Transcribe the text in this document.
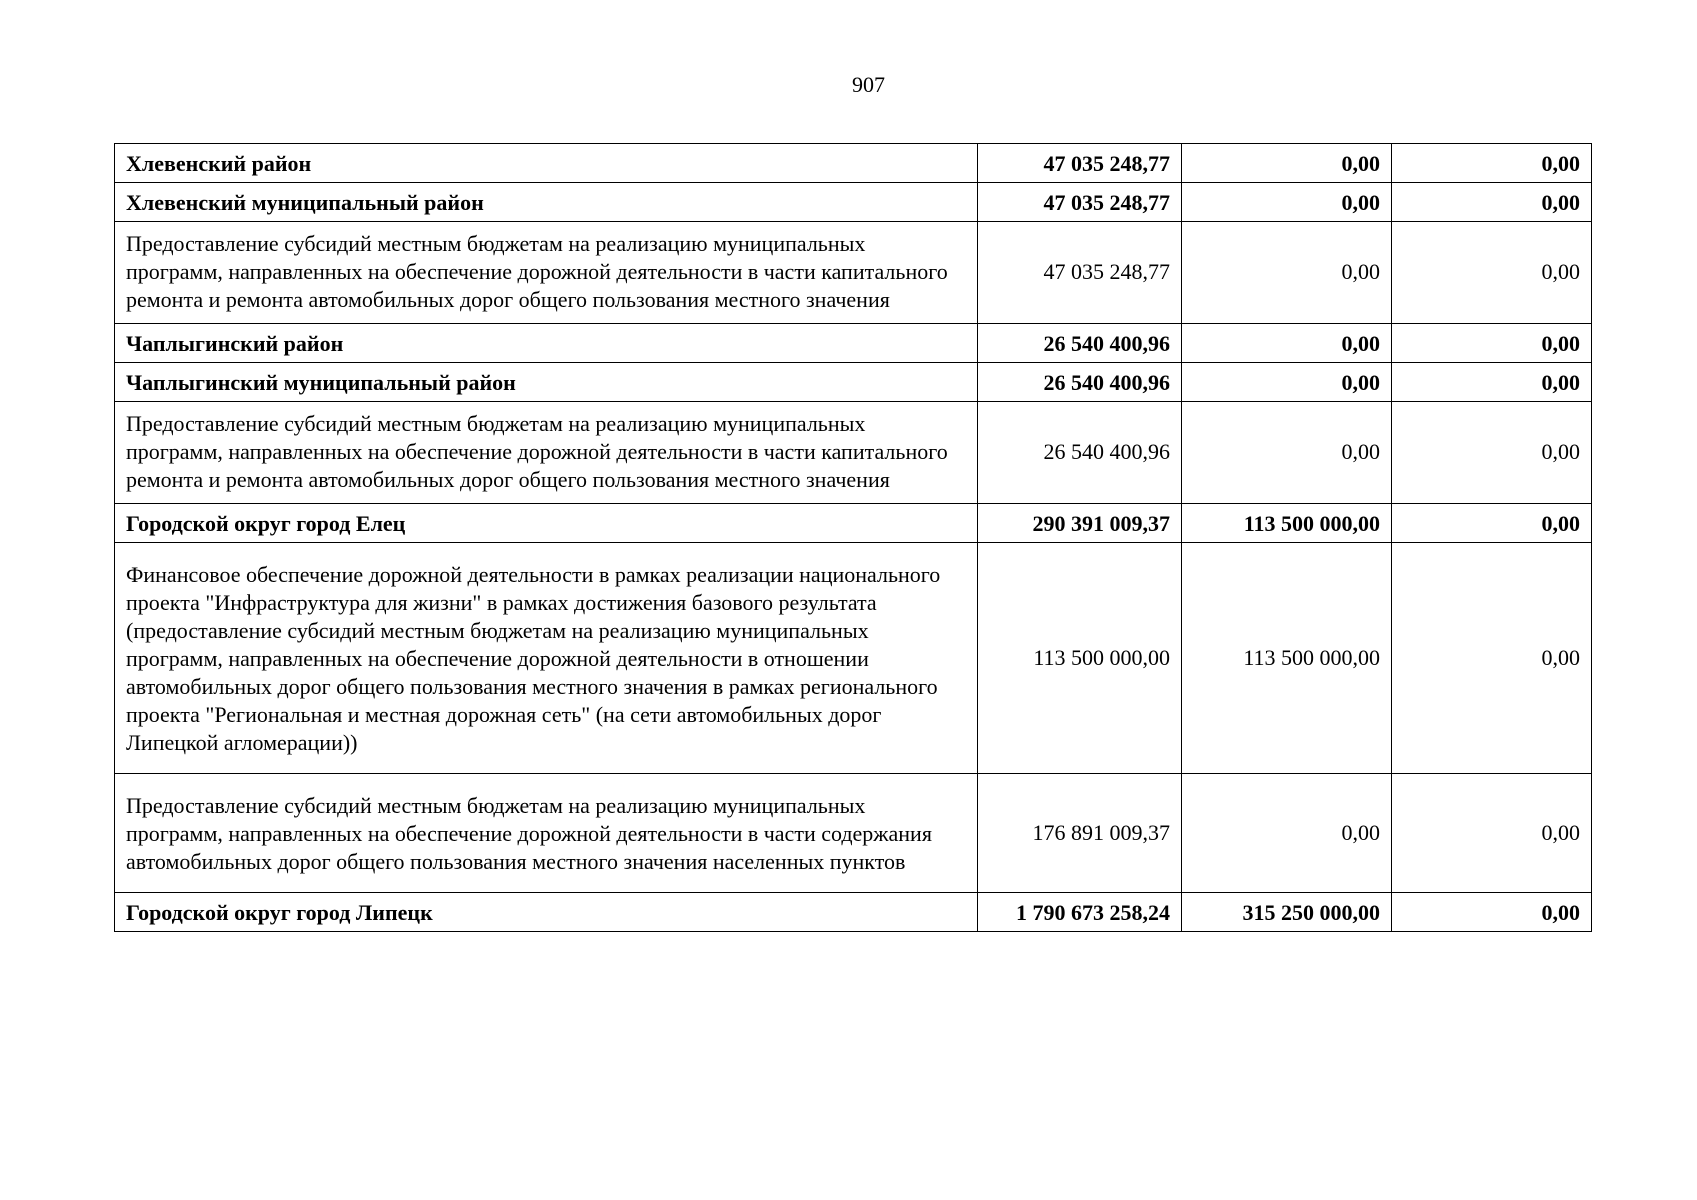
907
Хлевенский район	47 035 248,77	0,00	0,00
Хлевенский муниципальный район	47 035 248,77	0,00	0,00
Предоставление субсидий местным бюджетам на реализацию муниципальных программ, направленных на обеспечение дорожной деятельности в части капитального ремонта и ремонта автомобильных дорог общего пользования местного значения	47 035 248,77	0,00	0,00
Чаплыгинский район	26 540 400,96	0,00	0,00
Чаплыгинский муниципальный район	26 540 400,96	0,00	0,00
Предоставление субсидий местным бюджетам на реализацию муниципальных программ, направленных на обеспечение дорожной деятельности в части капитального ремонта и ремонта автомобильных дорог общего пользования местного значения	26 540 400,96	0,00	0,00
Городской округ город Елец	290 391 009,37	113 500 000,00	0,00
Финансовое обеспечение дорожной деятельности в рамках реализации национального проекта "Инфраструктура для жизни" в рамках достижения базового результата (предоставление субсидий местным бюджетам на реализацию муниципальных программ, направленных на обеспечение дорожной деятельности в отношении автомобильных дорог общего пользования местного значения в рамках регионального проекта "Региональная и местная дорожная сеть" (на сети автомобильных дорог Липецкой агломерации))	113 500 000,00	113 500 000,00	0,00
Предоставление субсидий местным бюджетам на реализацию муниципальных программ, направленных на обеспечение дорожной деятельности в части содержания автомобильных дорог общего пользования местного значения населенных пунктов	176 891 009,37	0,00	0,00
Городской округ город Липецк	1 790 673 258,24	315 250 000,00	0,00
